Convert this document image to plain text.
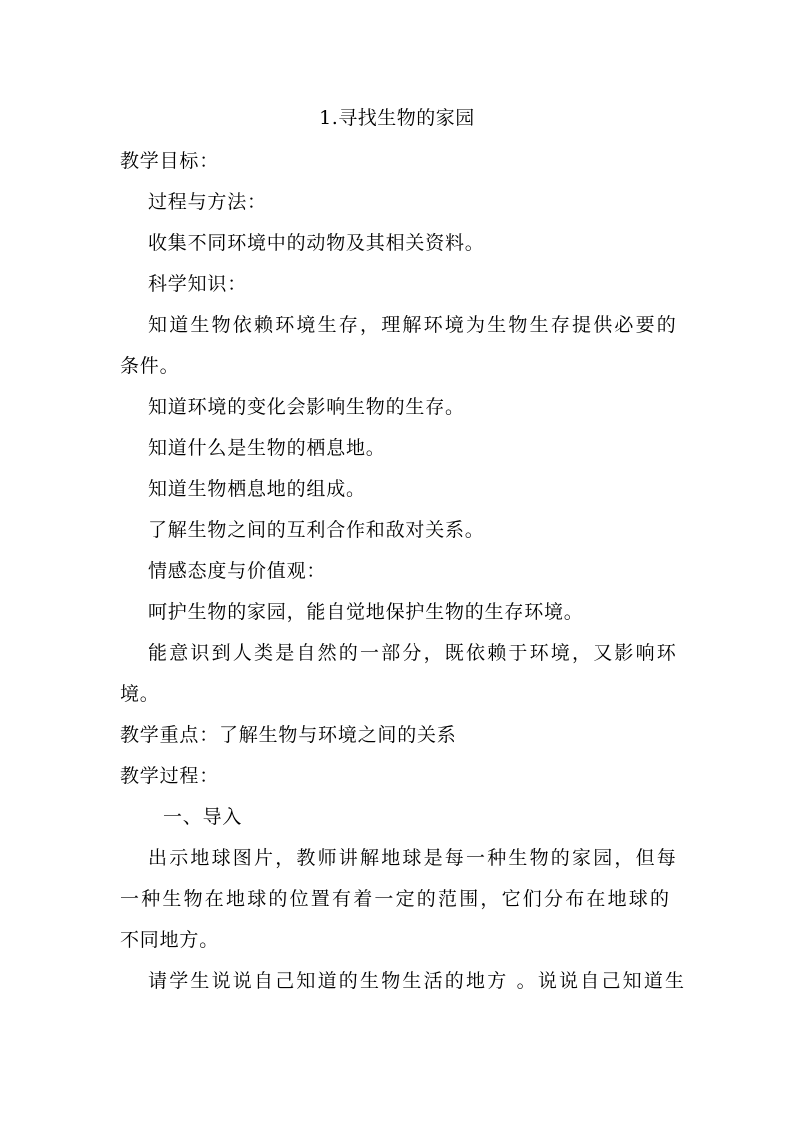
1.寻找生物的家园
教学目标：
过程与方法：
收集不同环境中的动物及其相关资料。
科学知识：
知道生物依赖环境生存，理解环境为生物生存提供必要的
条件。
知道环境的变化会影响生物的生存。
知道什么是生物的栖息地。
知道生物栖息地的组成。
了解生物之间的互利合作和敌对关系。
情感态度与价值观：
呵护生物的家园，能自觉地保护生物的生存环境。
能意识到人类是自然的一部分，既依赖于环境，又影响环
境。
教学重点：了解生物与环境之间的关系
教学过程：
一、导入
出示地球图片，教师讲解地球是每一种生物的家园，但每
一种生物在地球的位置有着一定的范围，它们分布在地球的
不同地方。
请学生说说自己知道的生物生活的地方 。说说自己知道生
